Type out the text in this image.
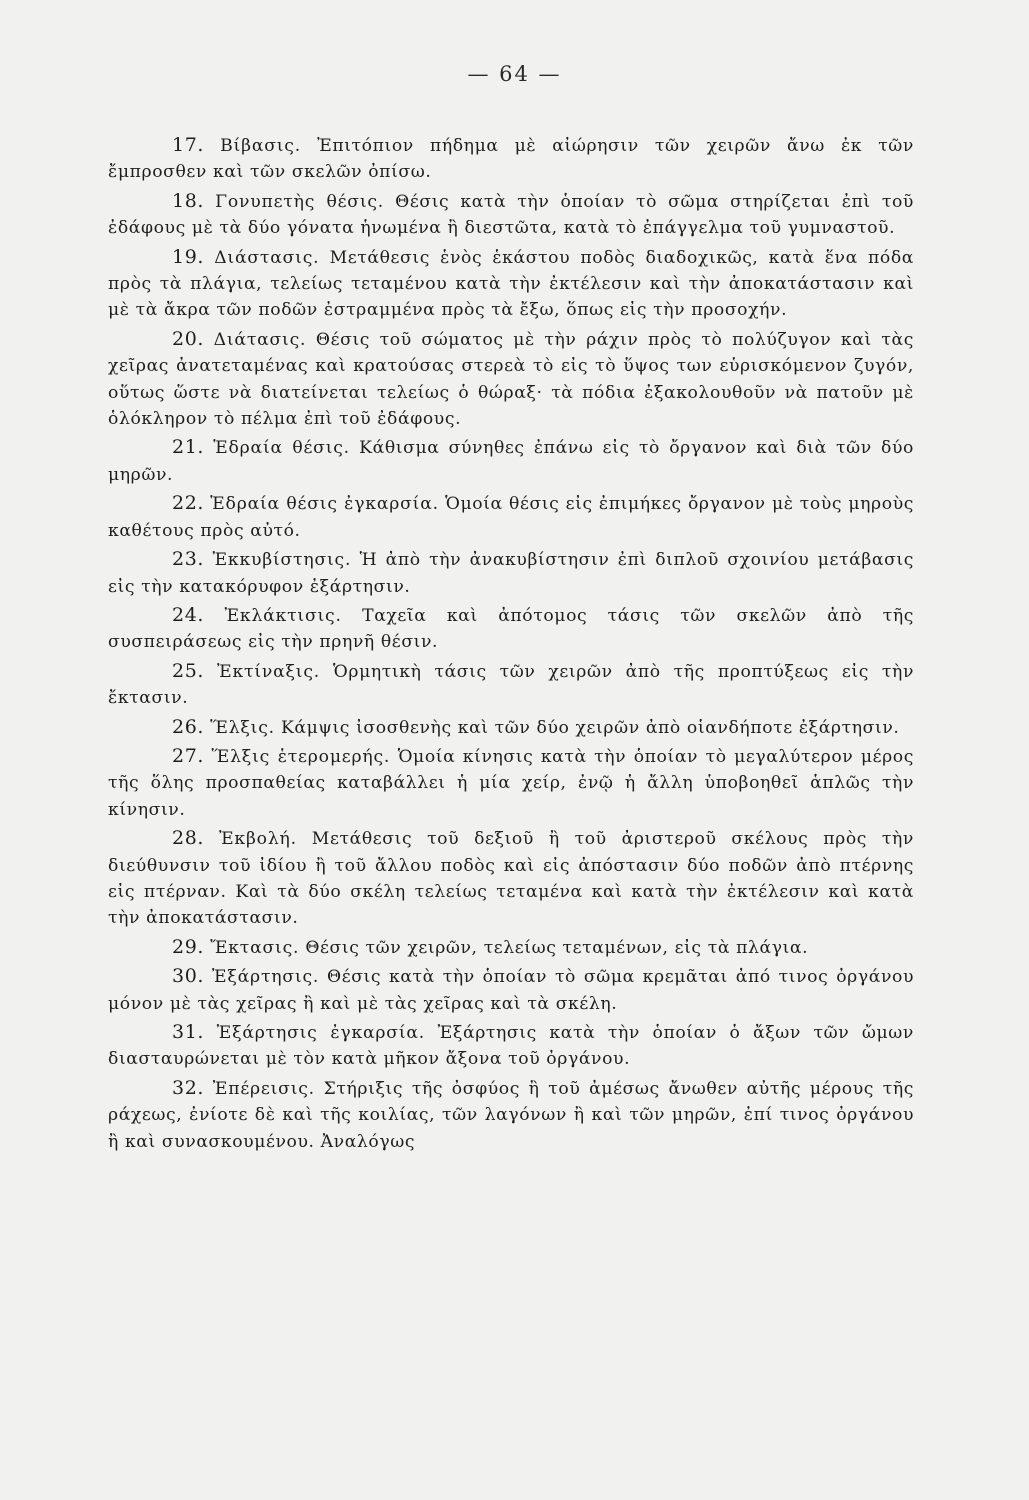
— 64 —

17. Βίβασις. Ἐπιτόπιον πήδημα μὲ αἰώρησιν τῶν χειρῶν ἄνω ἐκ τῶν ἔμπροσθεν καὶ τῶν σκελῶν ὀπίσω.

18. Γονυπετὴς θέσις. Θέσις κατὰ τὴν ὁποίαν τὸ σῶμα στηρίζεται ἐπὶ τοῦ ἐδάφους μὲ τὰ δύο γόνατα ἡνωμένα ἢ διεστῶτα, κατὰ τὸ ἐπάγγελμα τοῦ γυμναστοῦ.

19. Διάστασις. Μετάθεσις ἑνὸς ἑκάστου ποδὸς διαδοχικῶς, κατὰ ἕνα πόδα πρὸς τὰ πλάγια, τελείως τεταμένου κατὰ τὴν ἐκτέλεσιν καὶ τὴν ἀποκατάστασιν καὶ μὲ τὰ ἄκρα τῶν ποδῶν ἐστραμμένα πρὸς τὰ ἔξω, ὅπως εἰς τὴν προσοχήν.

20. Διάτασις. Θέσις τοῦ σώματος μὲ τὴν ράχιν πρὸς τὸ πολύζυγον καὶ τὰς χεῖρας ἀνατεταμένας καὶ κρατούσας στερεὰ τὸ εἰς τὸ ὕψος των εὑρισκόμενον ζυγόν, οὕτως ὥστε νὰ διατείνεται τελείως ὁ θώραξ· τὰ πόδια ἐξακολουθοῦν νὰ πατοῦν μὲ ὁλόκληρον τὸ πέλμα ἐπὶ τοῦ ἐδάφους.

21. Ἑδραία θέσις. Κάθισμα σύνηθες ἐπάνω εἰς τὸ ὄργανον καὶ διὰ τῶν δύο μηρῶν.

22. Ἑδραία θέσις ἐγκαρσία. Ὁμοία θέσις εἰς ἐπιμήκες ὄργανον μὲ τοὺς μηροὺς καθέτους πρὸς αὐτό.

23. Ἐκκυβίστησις. Ἡ ἀπὸ τὴν ἀνακυβίστησιν ἐπὶ διπλοῦ σχοινίου μετάβασις εἰς τὴν κατακόρυφον ἐξάρτησιν.

24. Ἐκλάκτισις. Ταχεῖα καὶ ἀπότομος τάσις τῶν σκελῶν ἀπὸ τῆς συσπειράσεως εἰς τὴν πρηνῆ θέσιν.

25. Ἐκτίναξις. Ὁρμητικὴ τάσις τῶν χειρῶν ἀπὸ τῆς προπτύξεως εἰς τὴν ἔκτασιν.

26. Ἕλξις. Κάμψις ἰσοσθενὴς καὶ τῶν δύο χειρῶν ἀπὸ οἱανδήποτε ἐξάρτησιν.

27. Ἕλξις ἑτερομερής. Ὁμοία κίνησις κατὰ τὴν ὁποίαν τὸ μεγαλύτερον μέρος τῆς ὅλης προσπαθείας καταβάλλει ἡ μία χείρ, ἐνῷ ἡ ἄλλη ὑποβοηθεῖ ἁπλῶς τὴν κίνησιν.

28. Ἐκβολή. Μετάθεσις τοῦ δεξιοῦ ἢ τοῦ ἀριστεροῦ σκέλους πρὸς τὴν διεύθυνσιν τοῦ ἰδίου ἢ τοῦ ἄλλου ποδὸς καὶ εἰς ἀπόστασιν δύο ποδῶν ἀπὸ πτέρνης εἰς πτέρναν. Καὶ τὰ δύο σκέλη τελείως τεταμένα καὶ κατὰ τὴν ἐκτέλεσιν καὶ κατὰ τὴν ἀποκατάστασιν.

29. Ἔκτασις. Θέσις τῶν χειρῶν, τελείως τεταμένων, εἰς τὰ πλάγια.

30. Ἐξάρτησις. Θέσις κατὰ τὴν ὁποίαν τὸ σῶμα κρεμᾶται ἀπό τινος ὀργάνου μόνον μὲ τὰς χεῖρας ἢ καὶ μὲ τὰς χεῖρας καὶ τὰ σκέλη.

31. Ἐξάρτησις ἐγκαρσία. Ἐξάρτησις κατὰ τὴν ὁποίαν ὁ ἄξων τῶν ὤμων διασταυρώνεται μὲ τὸν κατὰ μῆκον ἄξονα τοῦ ὀργάνου.

32. Ἐπέρεισις. Στήριξις τῆς ὀσφύος ἢ τοῦ ἀμέσως ἄνωθεν αὐτῆς μέρους τῆς ράχεως, ἐνίοτε δὲ καὶ τῆς κοιλίας, τῶν λαγόνων ἢ καὶ τῶν μηρῶν, ἐπί τινος ὀργάνου ἢ καὶ συνασκουμένου. Ἀναλόγως
